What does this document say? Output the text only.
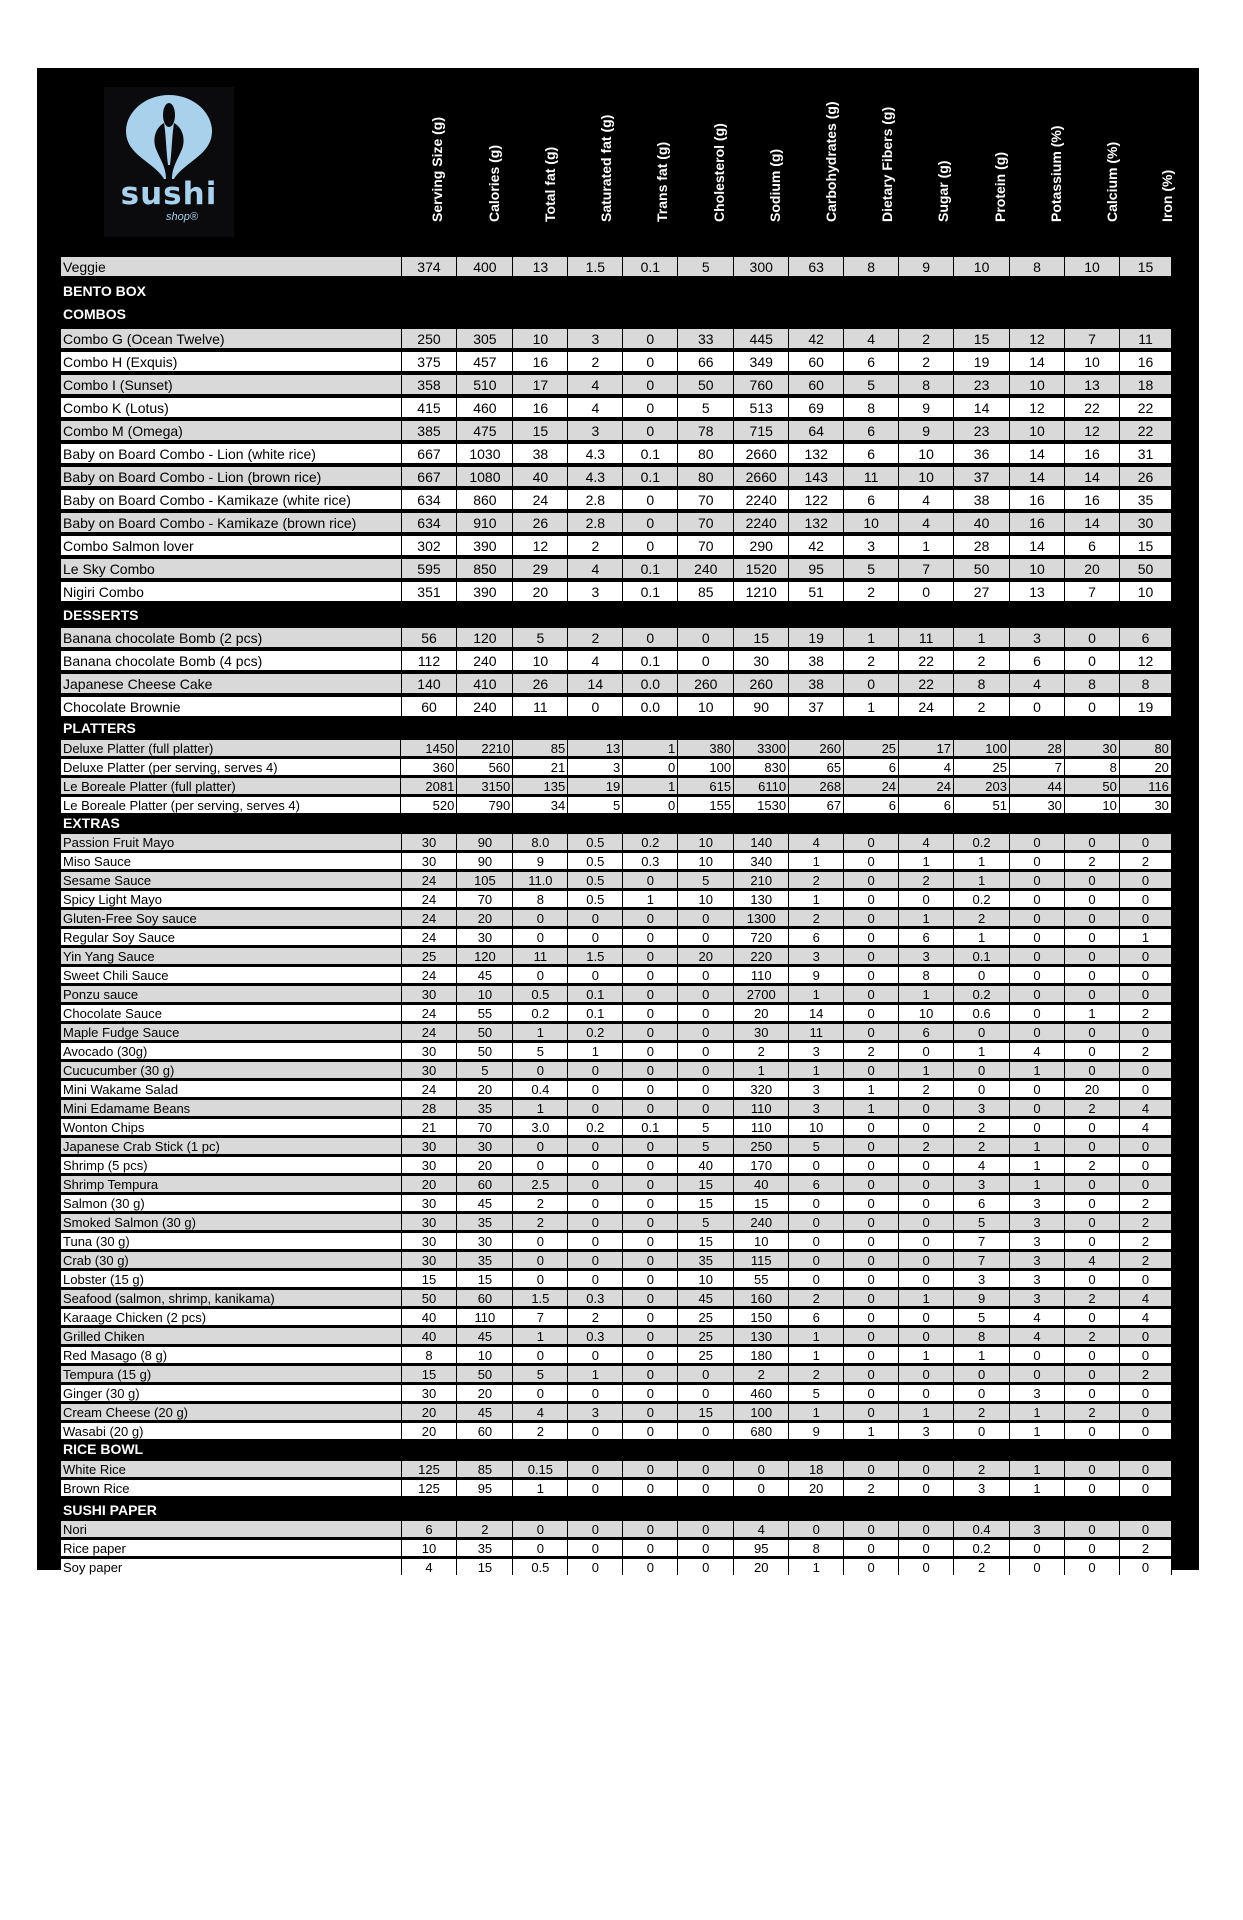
sushi
shop®	Serving Size (g)	Calories (g)	Total fat (g)	Saturated fat (g)	Trans fat (g)	Cholesterol (g)	Sodium (g)	Carbohydrates (g)	Dietary Fibers (g)	Sugar (g)	Protein (g)	Potassium (%)	Calcium (%)	Iron (%)
Veggie	374	400	13	1.5	0.1	5	300	63	8	9	10	8	10	15
BENTO BOX
COMBOS
Combo G (Ocean Twelve)	250	305	10	3	0	33	445	42	4	2	15	12	7	11
Combo H (Exquis)	375	457	16	2	0	66	349	60	6	2	19	14	10	16
Combo I (Sunset)	358	510	17	4	0	50	760	60	5	8	23	10	13	18
Combo K (Lotus)	415	460	16	4	0	5	513	69	8	9	14	12	22	22
Combo M (Omega)	385	475	15	3	0	78	715	64	6	9	23	10	12	22
Baby on Board Combo - Lion (white rice)	667	1030	38	4.3	0.1	80	2660	132	6	10	36	14	16	31
Baby on Board Combo - Lion (brown rice)	667	1080	40	4.3	0.1	80	2660	143	11	10	37	14	14	26
Baby on Board Combo - Kamikaze (white rice)	634	860	24	2.8	0	70	2240	122	6	4	38	16	16	35
Baby on Board Combo - Kamikaze (brown rice)	634	910	26	2.8	0	70	2240	132	10	4	40	16	14	30
Combo Salmon lover	302	390	12	2	0	70	290	42	3	1	28	14	6	15
Le Sky Combo	595	850	29	4	0.1	240	1520	95	5	7	50	10	20	50
Nigiri Combo	351	390	20	3	0.1	85	1210	51	2	0	27	13	7	10
DESSERTS
Banana chocolate Bomb (2 pcs)	56	120	5	2	0	0	15	19	1	11	1	3	0	6
Banana chocolate Bomb (4 pcs)	112	240	10	4	0.1	0	30	38	2	22	2	6	0	12
Japanese Cheese Cake	140	410	26	14	0.0	260	260	38	0	22	8	4	8	8
Chocolate Brownie	60	240	11	0	0.0	10	90	37	1	24	2	0	0	19
PLATTERS
Deluxe Platter (full platter)	1450	2210	85	13	1	380	3300	260	25	17	100	28	30	80
Deluxe Platter (per serving, serves 4)	360	560	21	3	0	100	830	65	6	4	25	7	8	20
Le Boreale Platter (full platter)	2081	3150	135	19	1	615	6110	268	24	24	203	44	50	116
Le Boreale Platter (per serving, serves 4)	520	790	34	5	0	155	1530	67	6	6	51	30	10	30
EXTRAS
Passion Fruit Mayo	30	90	8.0	0.5	0.2	10	140	4	0	4	0.2	0	0	0
Miso Sauce	30	90	9	0.5	0.3	10	340	1	0	1	1	0	2	2
Sesame Sauce	24	105	11.0	0.5	0	5	210	2	0	2	1	0	0	0
Spicy Light Mayo	24	70	8	0.5	1	10	130	1	0	0	0.2	0	0	0
Gluten-Free Soy sauce	24	20	0	0	0	0	1300	2	0	1	2	0	0	0
Regular Soy Sauce	24	30	0	0	0	0	720	6	0	6	1	0	0	1
Yin Yang Sauce	25	120	11	1.5	0	20	220	3	0	3	0.1	0	0	0
Sweet Chili Sauce	24	45	0	0	0	0	110	9	0	8	0	0	0	0
Ponzu sauce	30	10	0.5	0.1	0	0	2700	1	0	1	0.2	0	0	0
Chocolate Sauce	24	55	0.2	0.1	0	0	20	14	0	10	0.6	0	1	2
Maple Fudge Sauce	24	50	1	0.2	0	0	30	11	0	6	0	0	0	0
Avocado (30g)	30	50	5	1	0	0	2	3	2	0	1	4	0	2
Cucucumber (30 g)	30	5	0	0	0	0	1	1	0	1	0	1	0	0
Mini Wakame Salad	24	20	0.4	0	0	0	320	3	1	2	0	0	20	0
Mini Edamame Beans	28	35	1	0	0	0	110	3	1	0	3	0	2	4
Wonton Chips	21	70	3.0	0.2	0.1	5	110	10	0	0	2	0	0	4
Japanese Crab Stick (1 pc)	30	30	0	0	0	5	250	5	0	2	2	1	0	0
Shrimp (5 pcs)	30	20	0	0	0	40	170	0	0	0	4	1	2	0
Shrimp Tempura	20	60	2.5	0	0	15	40	6	0	0	3	1	0	0
Salmon (30 g)	30	45	2	0	0	15	15	0	0	0	6	3	0	2
Smoked Salmon (30 g)	30	35	2	0	0	5	240	0	0	0	5	3	0	2
Tuna (30 g)	30	30	0	0	0	15	10	0	0	0	7	3	0	2
Crab (30 g)	30	35	0	0	0	35	115	0	0	0	7	3	4	2
Lobster (15 g)	15	15	0	0	0	10	55	0	0	0	3	3	0	0
Seafood (salmon, shrimp, kanikama)	50	60	1.5	0.3	0	45	160	2	0	1	9	3	2	4
Karaage Chicken (2 pcs)	40	110	7	2	0	25	150	6	0	0	5	4	0	4
Grilled Chiken	40	45	1	0.3	0	25	130	1	0	0	8	4	2	0
Red Masago (8 g)	8	10	0	0	0	25	180	1	0	1	1	0	0	0
Tempura (15 g)	15	50	5	1	0	0	2	2	0	0	0	0	0	2
Ginger (30 g)	30	20	0	0	0	0	460	5	0	0	0	3	0	0
Cream Cheese (20 g)	20	45	4	3	0	15	100	1	0	1	2	1	2	0
Wasabi (20 g)	20	60	2	0	0	0	680	9	1	3	0	1	0	0
RICE BOWL
White Rice	125	85	0.15	0	0	0	0	18	0	0	2	1	0	0
Brown Rice	125	95	1	0	0	0	0	20	2	0	3	1	0	0
SUSHI PAPER
Nori	6	2	0	0	0	0	4	0	0	0	0.4	3	0	0
Rice paper	10	35	0	0	0	0	95	8	0	0	0.2	0	0	2
Soy paper	4	15	0.5	0	0	0	20	1	0	0	2	0	0	0
